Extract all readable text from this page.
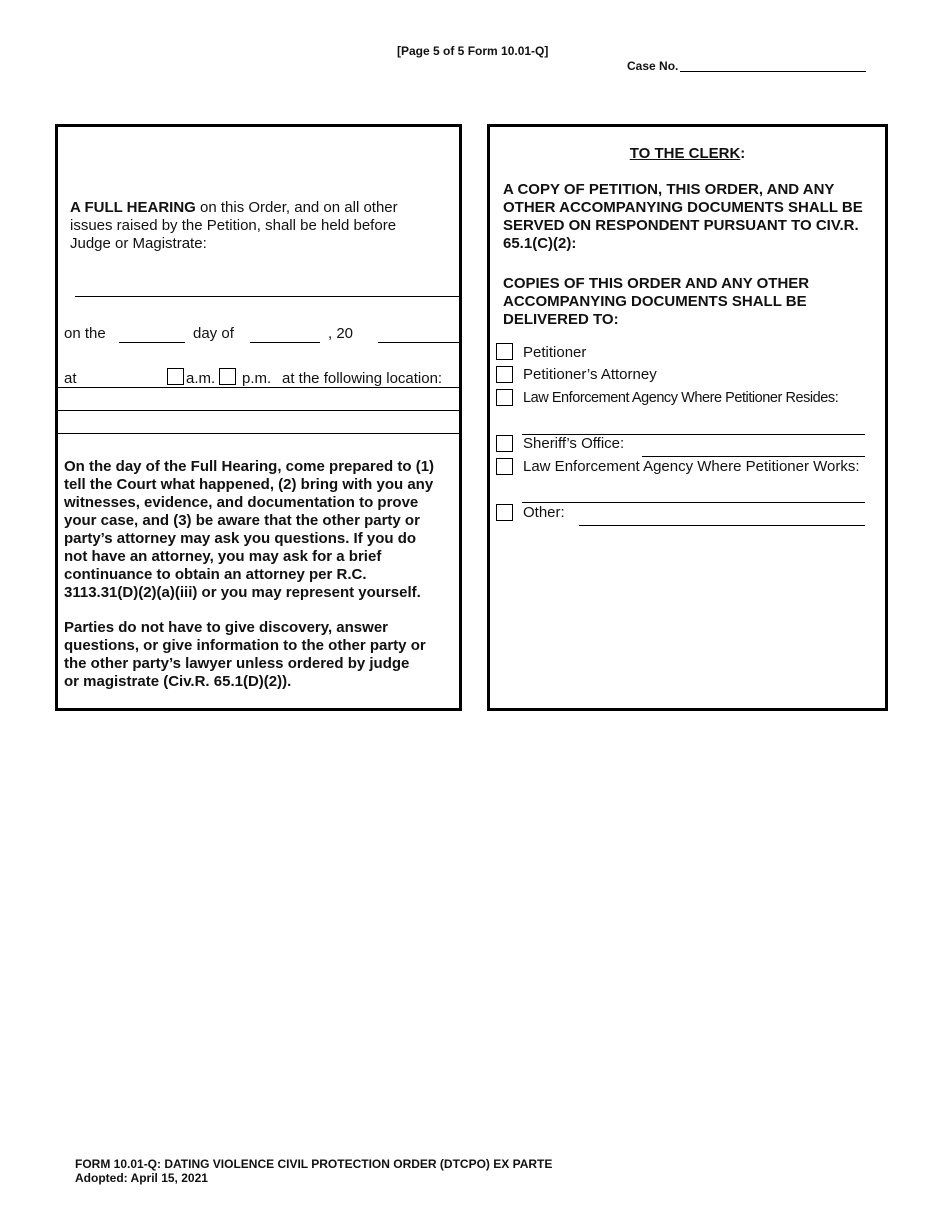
[Page 5 of 5 Form 10.01-Q]
Case No.
A FULL HEARING on this Order, and on all other
issues raised by the Petition, shall be held before
Judge or Magistrate:
on the	day of	, 20
at	a.m. p.m. at the following location:
On the day of the Full Hearing, come prepared to (1)
tell the Court what happened, (2) bring with you any
witnesses, evidence, and documentation to prove
your case, and (3) be aware that the other party or
party’s attorney may ask you questions. If you do
not have an attorney, you may ask for a brief
continuance to obtain an attorney per R.C.
3113.31(D)(2)(a)(iii) or you may represent yourself.
Parties do not have to give discovery, answer
questions, or give information to the other party or
the other party’s lawyer unless ordered by judge
or magistrate (Civ.R. 65.1(D)(2)).
TO THE CLERK:
A COPY OF PETITION, THIS ORDER, AND ANY
OTHER ACCOMPANYING DOCUMENTS SHALL BE
SERVED ON RESPONDENT PURSUANT TO CIV.R.
65.1(C)(2):
COPIES OF THIS ORDER AND ANY OTHER
ACCOMPANYING DOCUMENTS SHALL BE
DELIVERED TO:
Petitioner
Petitioner’s Attorney
Law Enforcement Agency Where Petitioner Resides:
Sheriff’s Office:
Law Enforcement Agency Where Petitioner Works:
Other:
FORM 10.01-Q: DATING VIOLENCE CIVIL PROTECTION ORDER (DTCPO) EX PARTE
Adopted: April 15, 2021
